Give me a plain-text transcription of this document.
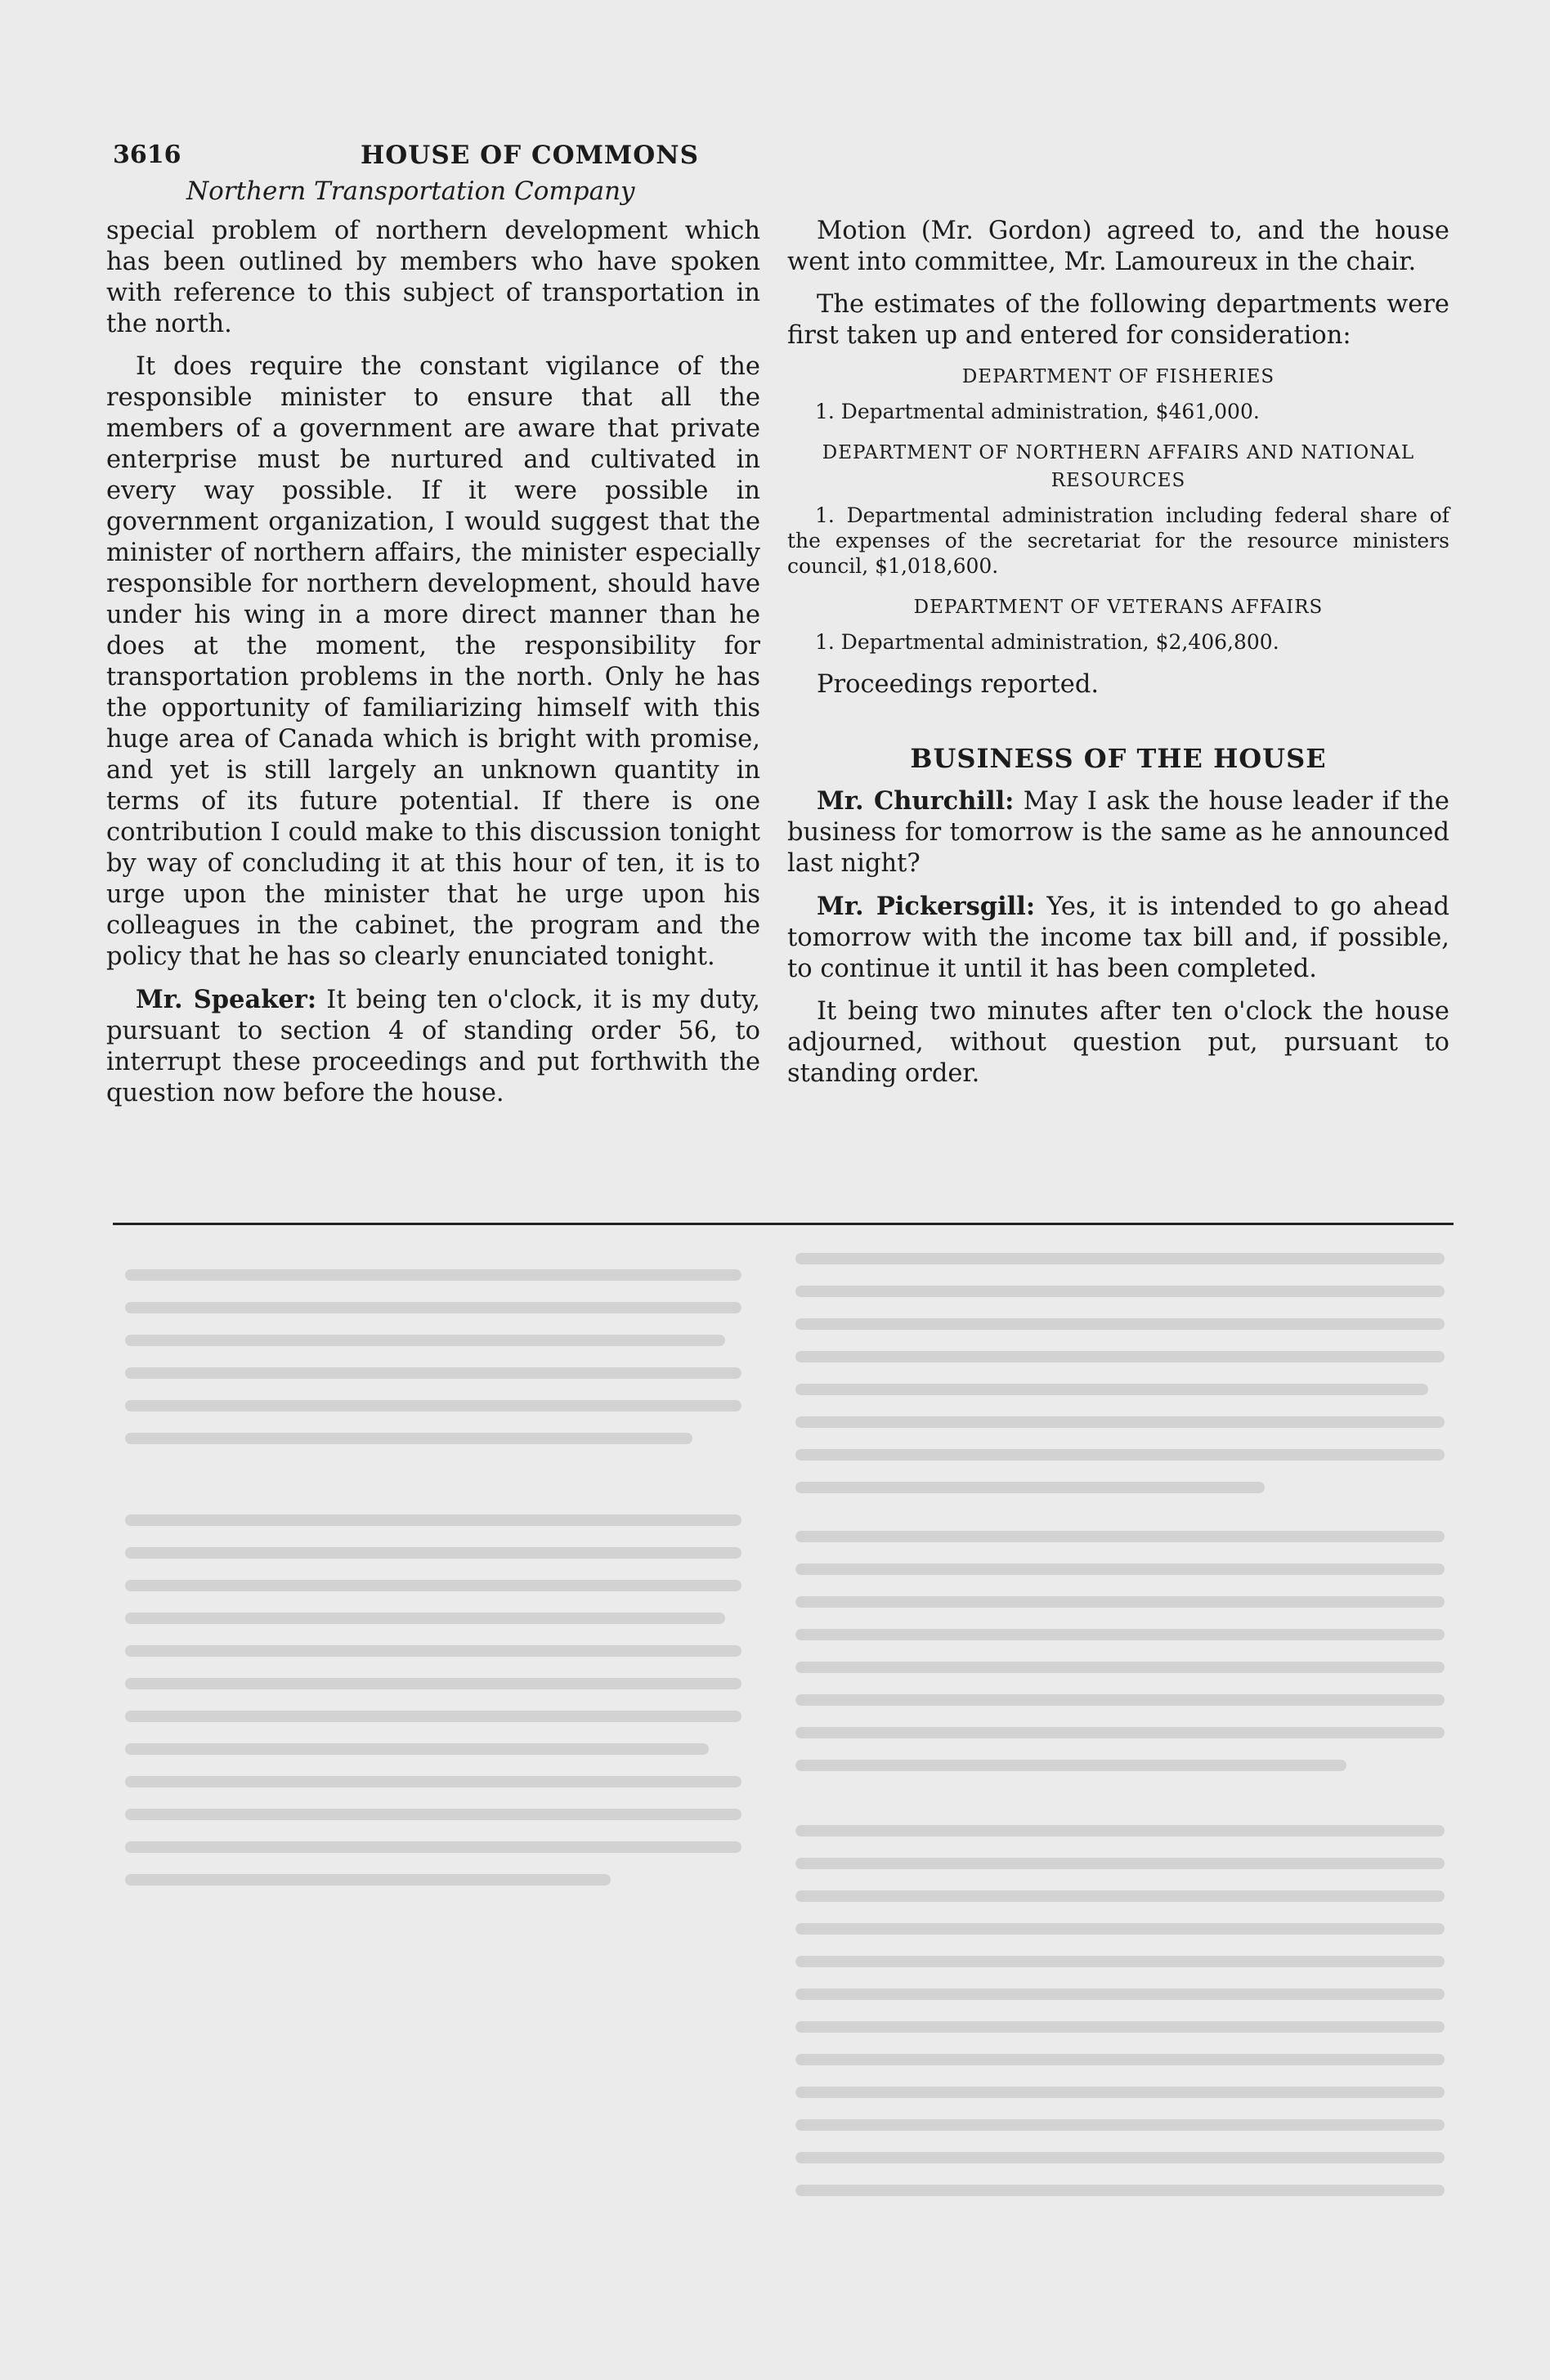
3616	HOUSE OF COMMONS
Northern Transportation Company

special problem of northern development which has been outlined by members who have spoken with reference to this subject of transportation in the north.

It does require the constant vigilance of the responsible minister to ensure that all the members of a government are aware that private enterprise must be nurtured and cultivated in every way possible. If it were possible in government organization, I would suggest that the minister of northern affairs, the minister especially responsible for northern development, should have under his wing in a more direct manner than he does at the moment, the responsibility for transportation problems in the north. Only he has the opportunity of familiarizing himself with this huge area of Canada which is bright with promise, and yet is still largely an unknown quantity in terms of its future potential. If there is one contribution I could make to this discussion tonight by way of concluding it at this hour of ten, it is to urge upon the minister that he urge upon his colleagues in the cabinet, the program and the policy that he has so clearly enunciated tonight.

Mr. Speaker: It being ten o'clock, it is my duty, pursuant to section 4 of standing order 56, to interrupt these proceedings and put forthwith the question now before the house.

Motion (Mr. Gordon) agreed to, and the house went into committee, Mr. Lamoureux in the chair.

The estimates of the following departments were first taken up and entered for consideration:

DEPARTMENT OF FISHERIES
1. Departmental administration, $461,000.
DEPARTMENT OF NORTHERN AFFAIRS AND NATIONAL RESOURCES
1. Departmental administration including federal share of the expenses of the secretariat for the resource ministers council, $1,018,600.
DEPARTMENT OF VETERANS AFFAIRS
1. Departmental administration, $2,406,800.

Proceedings reported.

BUSINESS OF THE HOUSE

Mr. Churchill: May I ask the house leader if the business for tomorrow is the same as he announced last night?

Mr. Pickersgill: Yes, it is intended to go ahead tomorrow with the income tax bill and, if possible, to continue it until it has been completed.

It being two minutes after ten o'clock the house adjourned, without question put, pursuant to standing order.
